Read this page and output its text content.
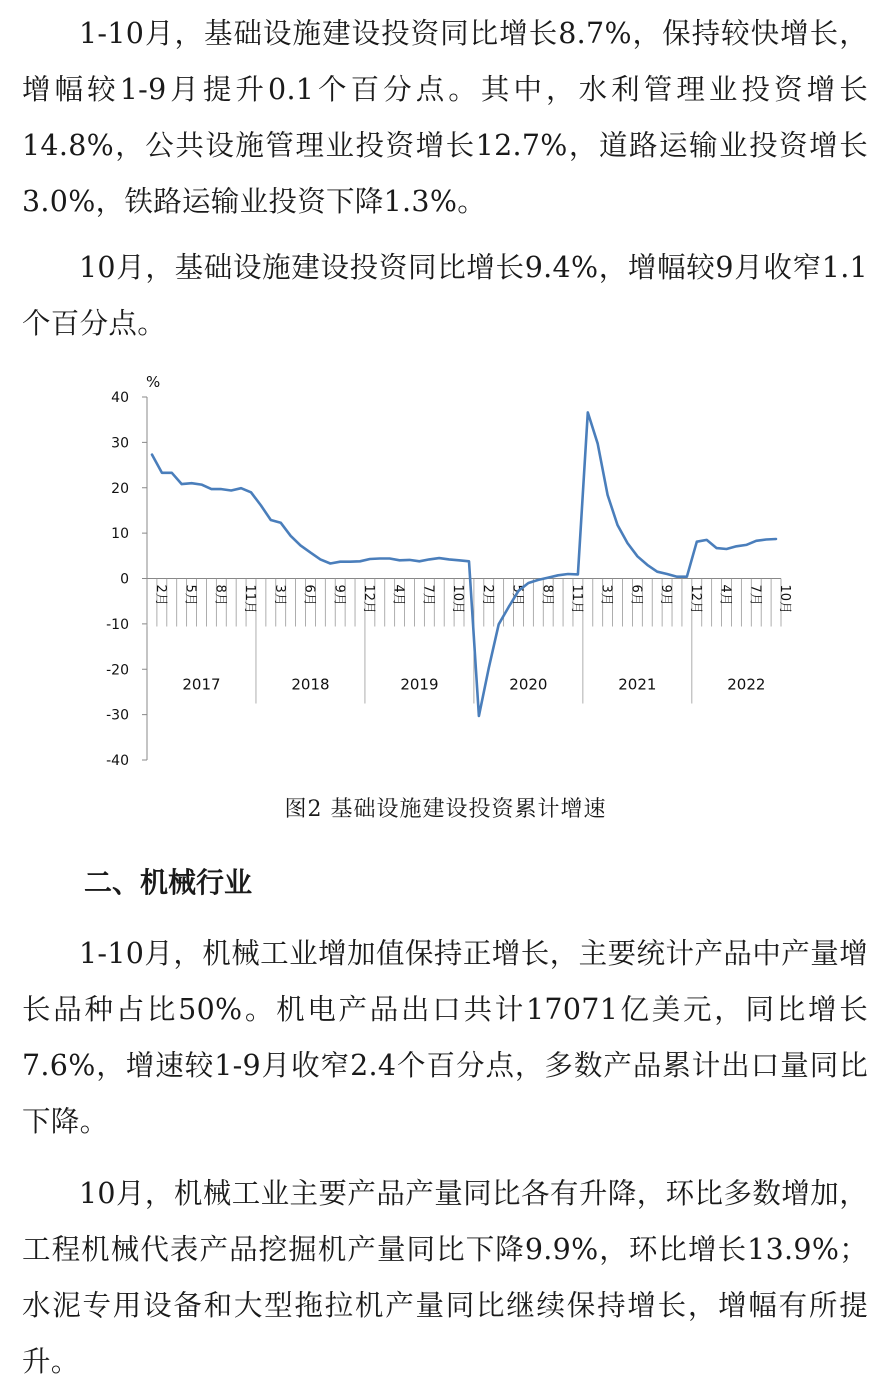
1-10月，基础设施建设投资同比增长8.7%，保持较快增长，增幅较1-9月提升0.1个百分点。其中，水利管理业投资增长14.8%，公共设施管理业投资增长12.7%，道路运输业投资增长3.0%，铁路运输业投资下降1.3%。

10月，基础设施建设投资同比增长9.4%，增幅较9月收窄1.1个百分点。

40
30
20
10
0
-10
-20
-30
-40
%
2月 5月 8月 11月 3月 6月 9月 12月 4月 7月 10月 2月 5月 8月 11月 3月 6月 9月 12月 4月 7月 10月
2017	2018	2019	2020	2021	2022

图2 基础设施建设投资累计增速

二、机械行业

1-10月，机械工业增加值保持正增长，主要统计产品中产量增长品种占比50%。机电产品出口共计17071亿美元，同比增长7.6%，增速较1-9月收窄2.4个百分点，多数产品累计出口量同比下降。

10月，机械工业主要产品产量同比各有升降，环比多数增加，工程机械代表产品挖掘机产量同比下降9.9%，环比增长13.9%；水泥专用设备和大型拖拉机产量同比继续保持增长，增幅有所提升。
